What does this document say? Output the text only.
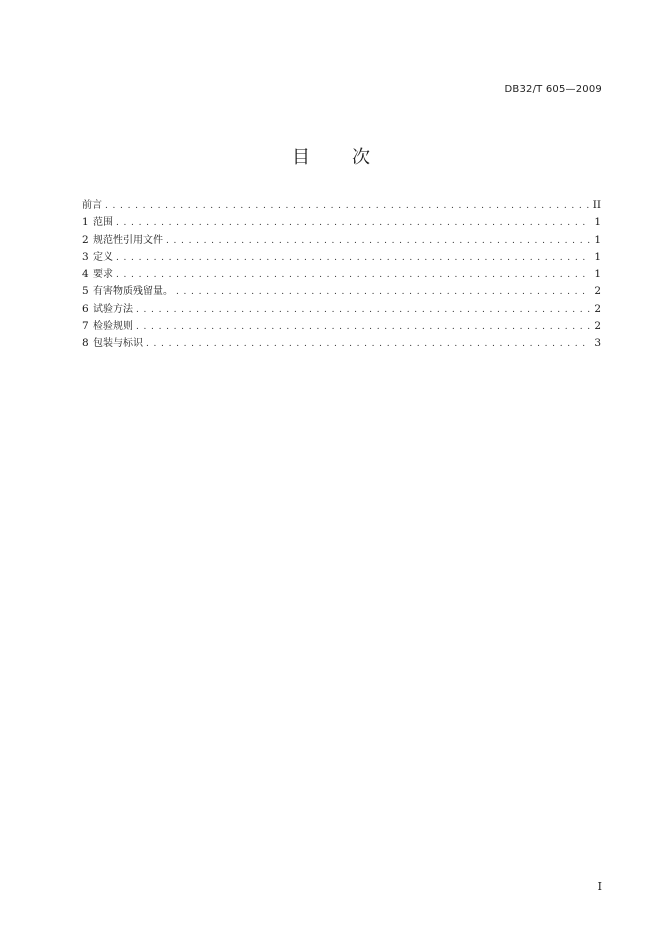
DB32/T 605—2009
目 次
前言 . . .	II
1 范围 . . .	1
2 规范性引用文件 . . .	1
3 定义 . . .	1
4 要求 . . .	1
5 有害物质残留量。 . . .	2
6 试验方法 . . .	2
7 检验规则 . . .	2
8 包装与标识 . . .	3
I
